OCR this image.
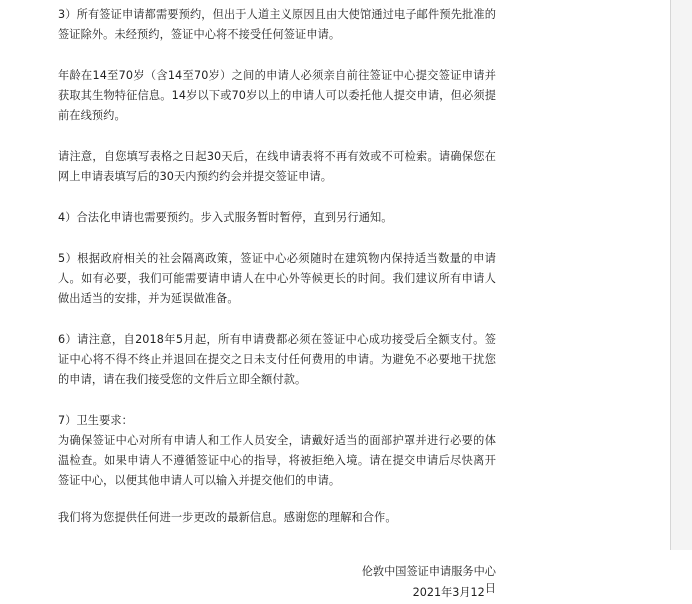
3）所有签证申请都需要预约，但出于人道主义原因且由大使馆通过电子邮件预先批准的签证除外。未经预约，签证中心将不接受任何签证申请。

年龄在14至70岁（含14至70岁）之间的申请人必须亲自前往签证中心提交签证申请并获取其生物特征信息。14岁以下或70岁以上的申请人可以委托他人提交申请，但必须提前在线预约。

请注意，自您填写表格之日起30天后，在线申请表将不再有效或不可检索。请确保您在网上申请表填写后的30天内预约约会并提交签证申请。

4）合法化申请也需要预约。步入式服务暂时暂停，直到另行通知。

5）根据政府相关的社会隔离政策，签证中心必须随时在建筑物内保持适当数量的申请人。如有必要，我们可能需要请申请人在中心外等候更长的时间。我们建议所有申请人做出适当的安排，并为延误做准备。

6）请注意，自2018年5月起，所有申请费都必须在签证中心成功接受后全额支付。签证中心将不得不终止并退回在提交之日未支付任何费用的申请。为避免不必要地干扰您的申请，请在我们接受您的文件后立即全额付款。

7）卫生要求：

为确保签证中心对所有申请人和工作人员安全，请戴好适当的面部护罩并进行必要的体温检查。如果申请人不遵循签证中心的指导，将被拒绝入境。请在提交申请后尽快离开签证中心，以便其他申请人可以输入并提交他们的申请。

我们将为您提供任何进一步更改的最新信息。感谢您的理解和合作。

伦敦中国签证申请服务中心

2021年3月12日
